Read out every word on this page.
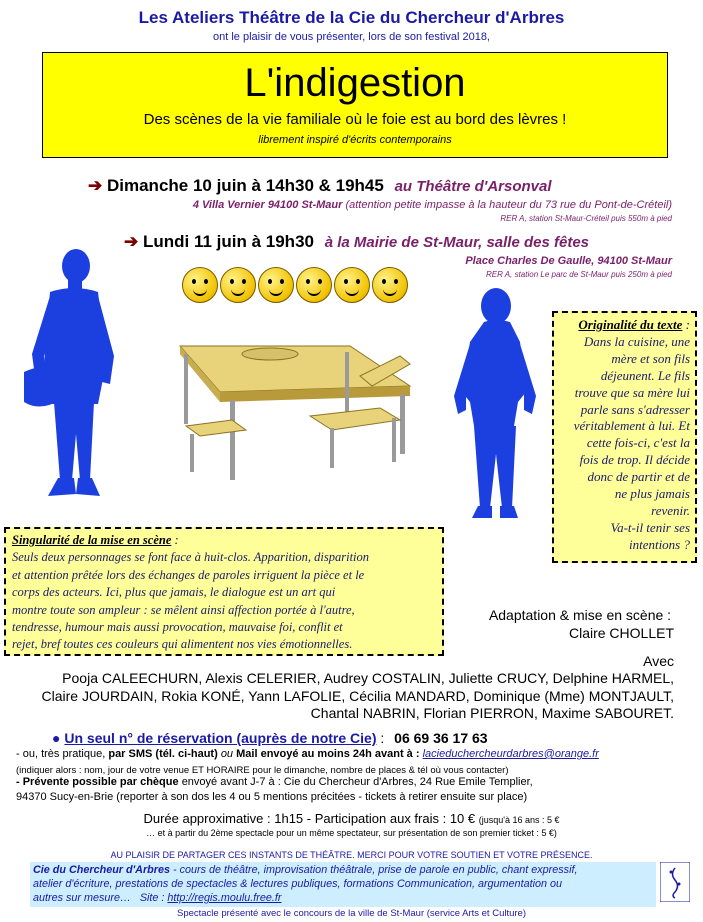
Les Ateliers Théâtre de la Cie du Chercheur d'Arbres
ont le plaisir de vous présenter, lors de son festival 2018,
L'indigestion
Des scènes de la vie familiale où le foie est au bord des lèvres !
librement inspiré d'écrits contemporains
➔ Dimanche 10 juin à 14h30 & 19h45 au Théâtre d'Arsonval
4 Villa Vernier 94100 St-Maur (attention petite impasse à la hauteur du 73 rue du Pont-de-Créteil)
RER A, station St-Maur-Créteil puis 550m à pied
➔ Lundi 11 juin à 19h30 à la Mairie de St-Maur, salle des fêtes
Place Charles De Gaulle, 94100 St-Maur
RER A, station Le parc de St-Maur puis 250m à pied
Originalité du texte :
Dans la cuisine, une
mère et son fils
déjeunent. Le fils
trouve que sa mère lui
parle sans s'adresser
véritablement à lui. Et
cette fois-ci, c'est la
fois de trop. Il décide
donc de partir et de
ne plus jamais
revenir.
Va-t-il tenir ses
intentions ?
Singularité de la mise en scène :
Seuls deux personnages se font face à huit-clos. Apparition, disparition
et attention prêtée lors des échanges de paroles irriguent la pièce et le
corps des acteurs. Ici, plus que jamais, le dialogue est un art qui
montre toute son ampleur : se mêlent ainsi affection portée à l'autre,
tendresse, humour mais aussi provocation, mauvaise foi, conflit et
rejet, bref toutes ces couleurs qui alimentent nos vies émotionnelles.
Adaptation & mise en scène :
Claire CHOLLET
Avec
Pooja CALEECHURN, Alexis CELERIER, Audrey COSTALIN, Juliette CRUCY, Delphine HARMEL,
Claire JOURDAIN, Rokia KONÉ, Yann LAFOLIE, Cécilia MANDARD, Dominique (Mme) MONTJAULT,
Chantal NABRIN, Florian PIERRON, Maxime SABOURET.
● Un seul n° de réservation (auprès de notre Cie) : 06 69 36 17 63
- ou, très pratique, par SMS (tél. ci-haut) ou Mail envoyé au moins 24h avant à : lacieduchercheurdarbres@orange.fr
(indiquer alors : nom, jour de votre venue ET HORAIRE pour le dimanche, nombre de places & tél où vous contacter)
- Prévente possible par chèque envoyé avant J-7 à : Cie du Chercheur d'Arbres, 24 Rue Emile Templier,
94370 Sucy-en-Brie (reporter à son dos les 4 ou 5 mentions précitées - tickets à retirer ensuite sur place)
Durée approximative : 1h15 - Participation aux frais : 10 € (jusqu'à 16 ans : 5 €
… et à partir du 2ème spectacle pour un même spectateur, sur présentation de son premier ticket : 5 €)
AU PLAISIR DE PARTAGER CES INSTANTS DE THÉÂTRE. MERCI POUR VOTRE SOUTIEN ET VOTRE PRÉSENCE.
Cie du Chercheur d'Arbres - cours de théâtre, improvisation théâtrale, prise de parole en public, chant expressif,
atelier d'écriture, prestations de spectacles & lectures publiques, formations Communication, argumentation ou
autres sur mesure… Site : http://regis.moulu.free.fr
Spectacle présenté avec le concours de la ville de St-Maur (service Arts et Culture)
